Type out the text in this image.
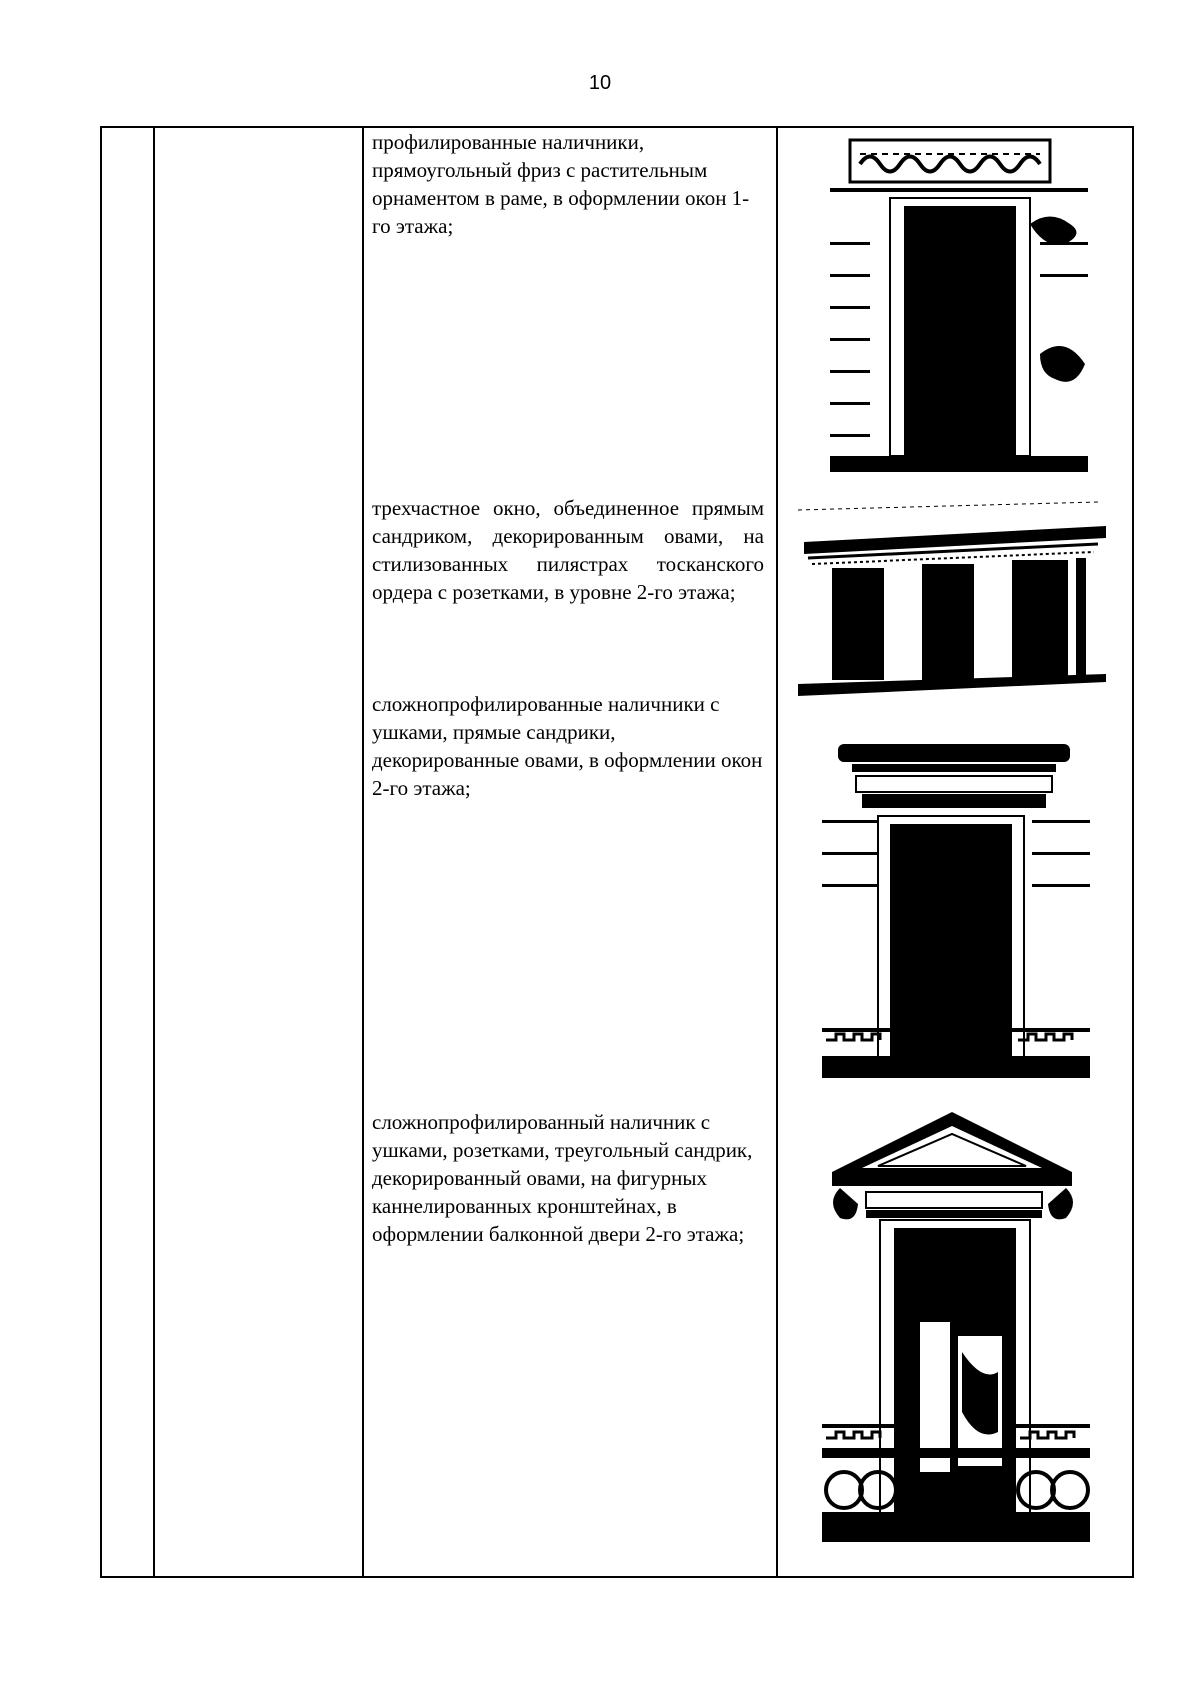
10

профилированные наличники, прямоугольный фриз с растительным орнаментом в раме, в оформлении окон 1-го этажа;

трехчастное окно, объединенное прямым сандриком, декорированным овами, на стилизованных пилястрах тосканского ордера с розетками, в уровне 2-го этажа;

сложнопрофилированные наличники с ушками, прямые сандрики, декорированные овами, в оформлении окон 2-го этажа;

сложнопрофилированный наличник с ушками, розетками, треугольный сандрик, декорированный овами, на фигурных каннелированных кронштейнах, в оформлении балконной двери 2-го этажа;
